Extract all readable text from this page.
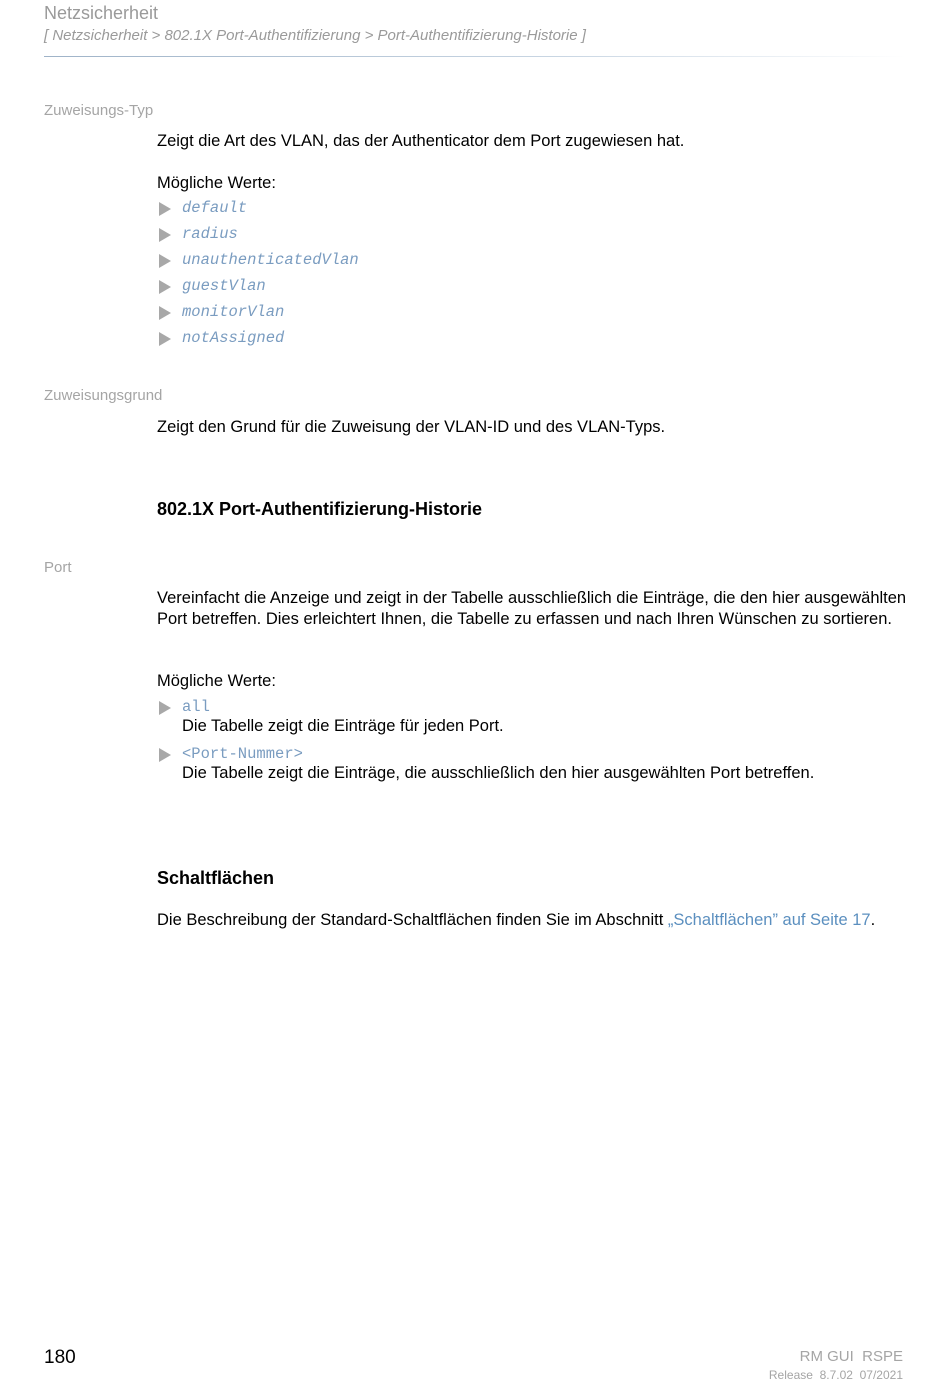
Netzsicherheit
[ Netzsicherheit > 802.1X Port-Authentifizierung > Port-Authentifizierung-Historie ]
Zuweisungs-Typ
Zeigt die Art des VLAN, das der Authenticator dem Port zugewiesen hat.
Mögliche Werte:
default
radius
unauthenticatedVlan
guestVlan
monitorVlan
notAssigned
Zuweisungsgrund
Zeigt den Grund für die Zuweisung der VLAN-ID und des VLAN-Typs.
802.1X Port-Authentifizierung-Historie
Port
Vereinfacht die Anzeige und zeigt in der Tabelle ausschließlich die Einträge, die den hier ausgewählten Port betreffen. Dies erleichtert Ihnen, die Tabelle zu erfassen und nach Ihren Wünschen zu sortieren.
Mögliche Werte:
all
Die Tabelle zeigt die Einträge für jeden Port.
<Port-Nummer>
Die Tabelle zeigt die Einträge, die ausschließlich den hier ausgewählten Port betreffen.
Schaltflächen
Die Beschreibung der Standard-Schaltflächen finden Sie im Abschnitt „Schaltflächen” auf Seite 17.
180	RM GUI  RSPE
Release  8.7.02  07/2021
